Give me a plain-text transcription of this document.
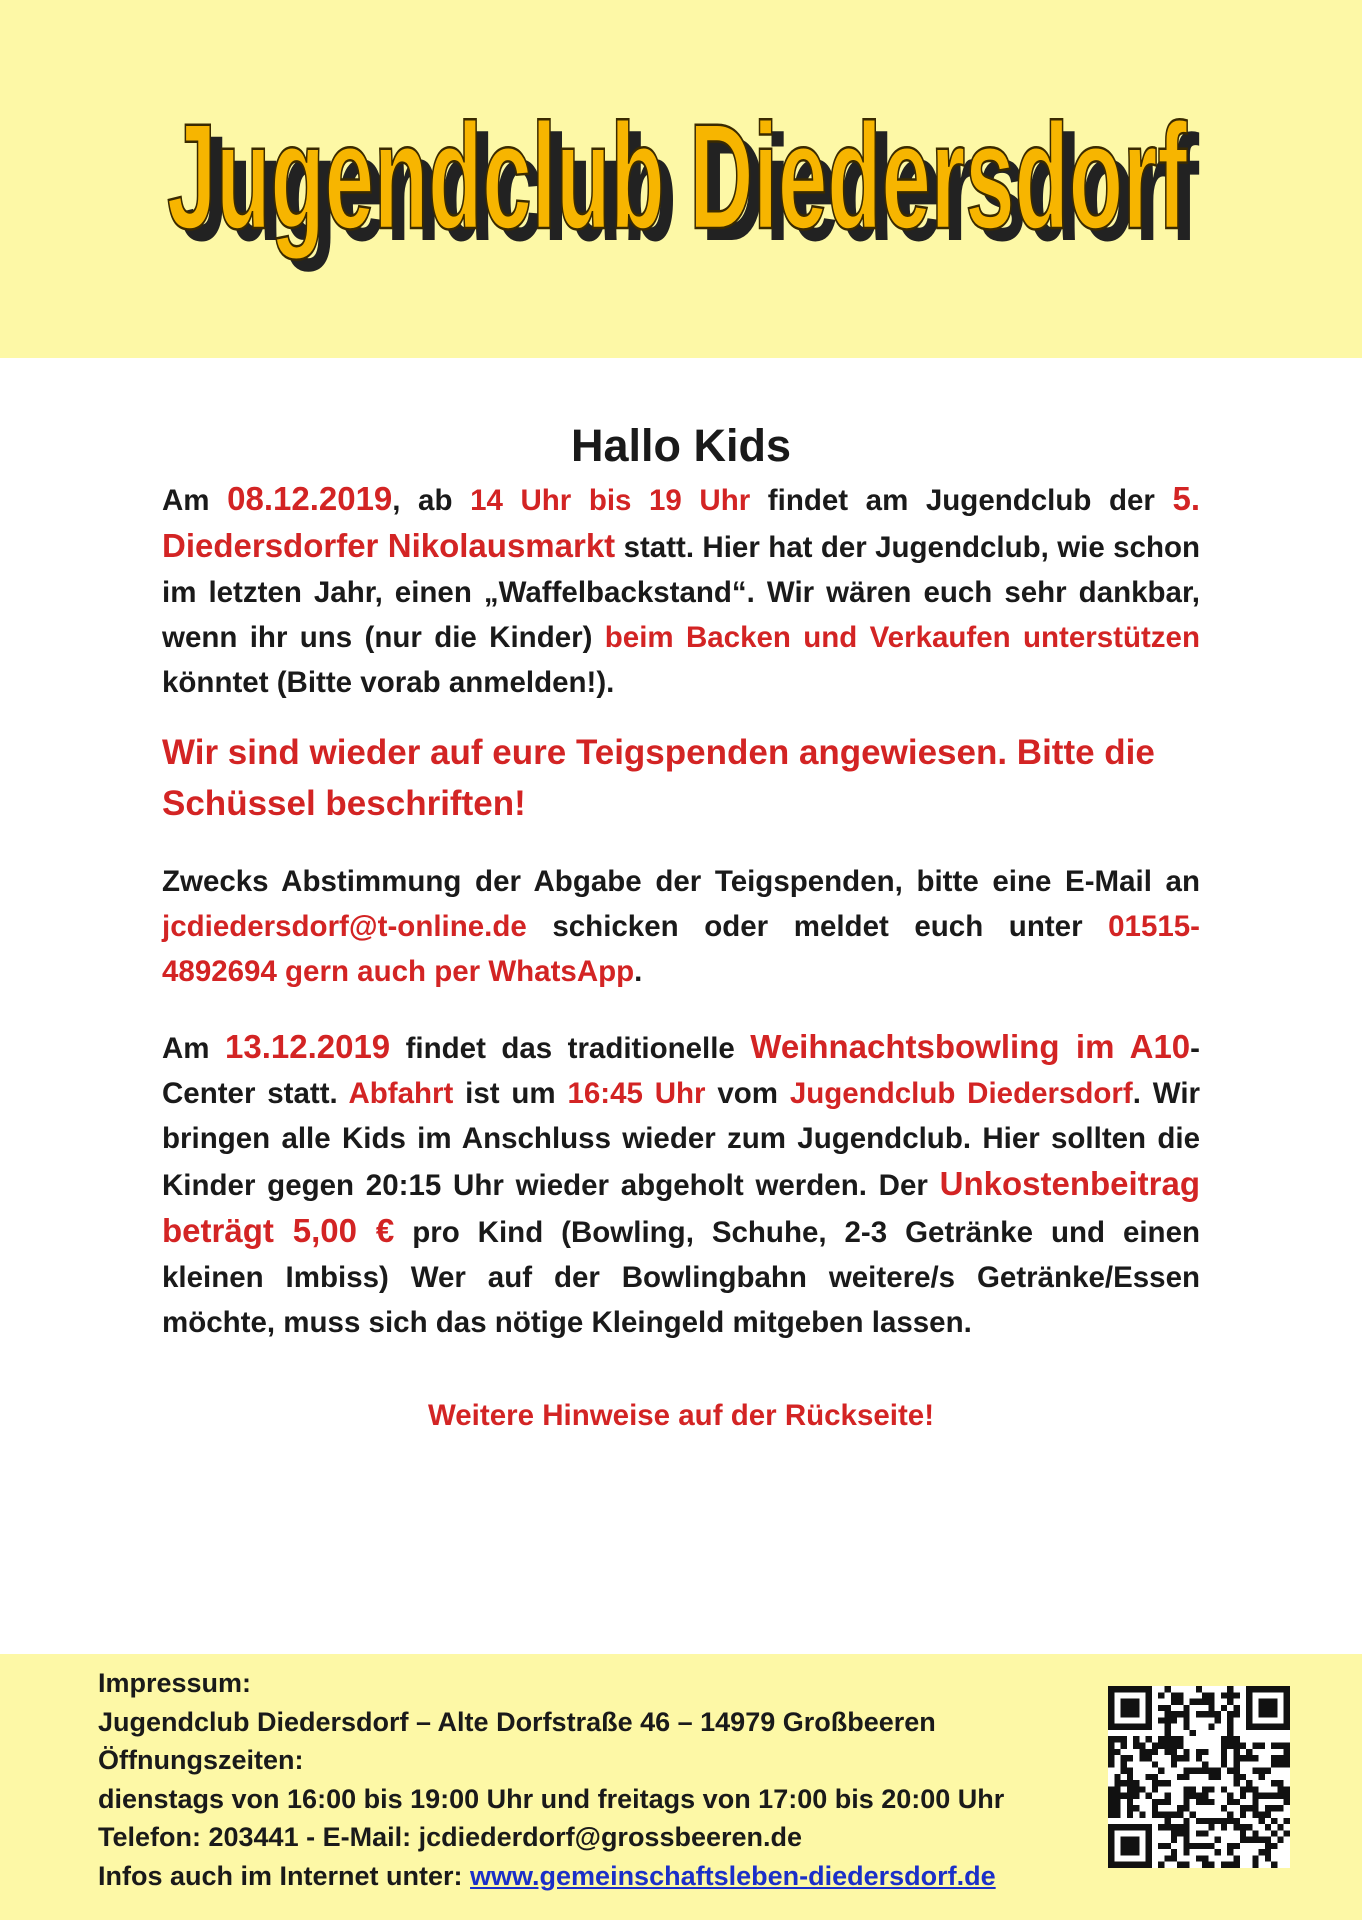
Jugendclub Diedersdorf
Jugendclub Diedersdorf
Hallo Kids

Am 08.12.2019, ab 14 Uhr bis 19 Uhr findet am Jugendclub der 5. Diedersdorfer Nikolausmarkt statt. Hier hat der Jugendclub, wie schon im letzten Jahr, einen „Waffelbackstand“. Wir wären euch sehr dankbar, wenn ihr uns (nur die Kinder) beim Backen und Verkaufen unterstützen könntet (Bitte vorab anmelden!).

Wir sind wieder auf eure Teigspenden angewiesen. Bitte die Schüssel beschriften!

Zwecks Abstimmung der Abgabe der Teigspenden, bitte eine E-Mail an jcdiedersdorf@t-online.de schicken oder meldet euch unter 01515-4892694 gern auch per WhatsApp.

Am 13.12.2019 findet das traditionelle Weihnachtsbowling im A10-Center statt. Abfahrt ist um 16:45 Uhr vom Jugendclub Diedersdorf. Wir bringen alle Kids im Anschluss wieder zum Jugendclub. Hier sollten die Kinder gegen 20:15 Uhr wieder abgeholt werden. Der Unkostenbeitrag beträgt 5,00 € pro Kind (Bowling, Schuhe, 2-3 Getränke und einen kleinen Imbiss) Wer auf der Bowlingbahn weitere/s Getränke/Essen möchte, muss sich das nötige Kleingeld mitgeben lassen.

Weitere Hinweise auf der Rückseite!
Impressum:
Jugendclub Diedersdorf – Alte Dorfstraße 46 – 14979 Großbeeren
Öffnungszeiten:
dienstags von 16:00 bis 19:00 Uhr und freitags von 17:00 bis 20:00 Uhr
Telefon: 203441 - E-Mail: jcdiederdorf@grossbeeren.de
Infos auch im Internet unter: www.gemeinschaftsleben-diedersdorf.de
